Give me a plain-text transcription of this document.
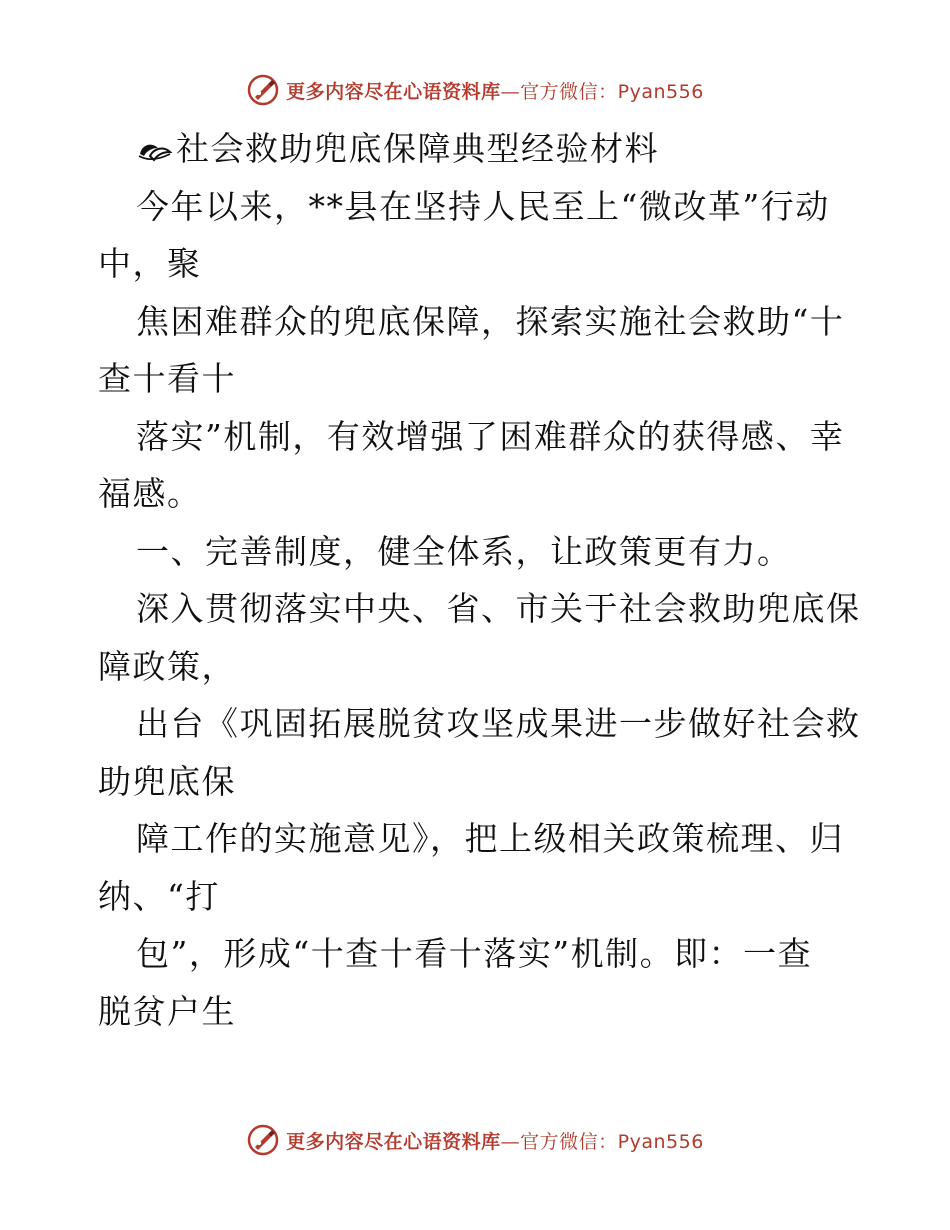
更多内容尽在心语资料库—官方微信：Pyan556
社会救助兜底保障典型经验材料
今年以来，**县在坚持人民至上“微改革”行动
中，聚
焦困难群众的兜底保障，探索实施社会救助“十
查十看十
落实”机制，有效增强了困难群众的获得感、幸
福感。
一、完善制度，健全体系，让政策更有力。
深入贯彻落实中央、省、市关于社会救助兜底保
障政策，
出台《巩固拓展脱贫攻坚成果进一步做好社会救
助兜底保
障工作的实施意见》，把上级相关政策梳理、归
纳、“打
包”，形成“十查十看十落实”机制。即：一查
脱贫户生
更多内容尽在心语资料库—官方微信：Pyan556
